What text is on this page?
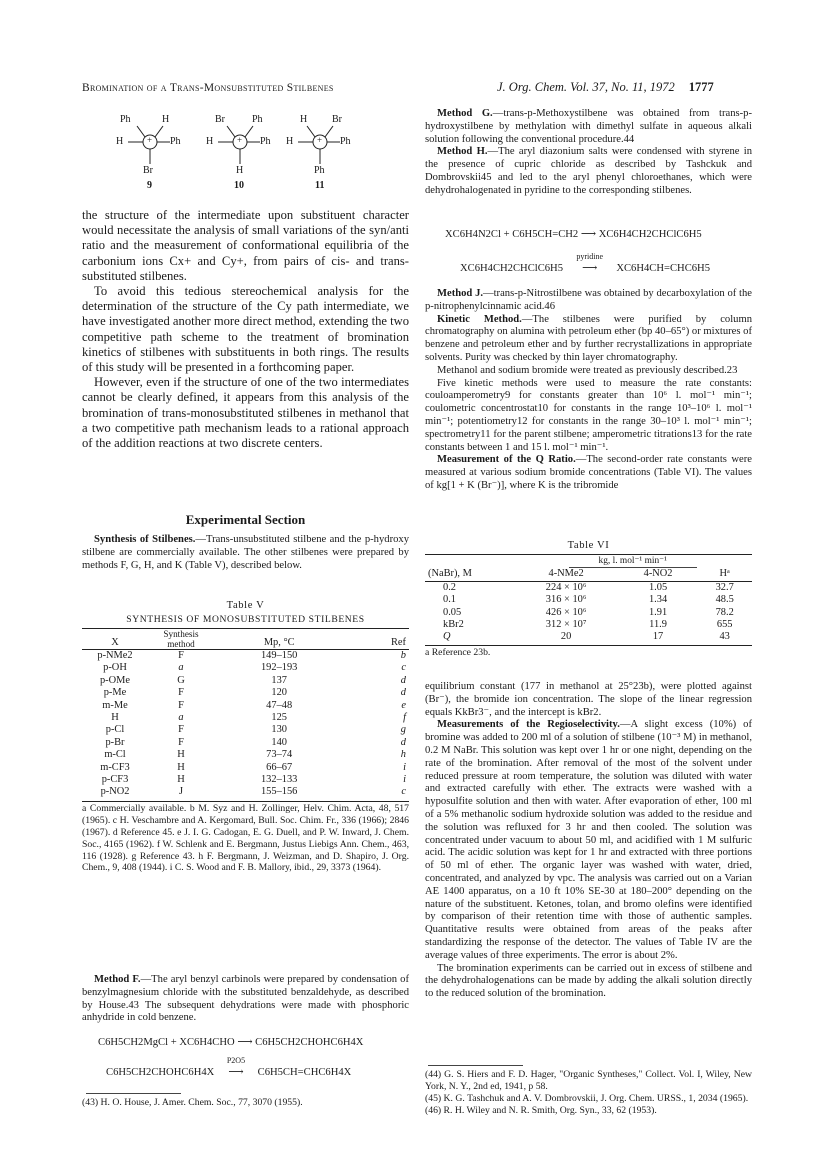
Bromination of a Trans-Monsubstituted Stilbenes	J. Org. Chem. Vol. 37, No. 11, 1972 1777
Ph	H
H	+ Ph
Br
9
Br	Ph
H	+ Ph
H
10
H Br
H	+ Ph
Ph
11

the structure of the intermediate upon substituent character would necessitate the analysis of small variations of the syn/anti ratio and the measurement of conformational equilibria of the carbonium ions Cx+ and Cy+, from pairs of cis- and trans-substituted stilbenes.

To avoid this tedious stereochemical analysis for the determination of the structure of the Cy path intermediate, we have investigated another more direct method, extending the two competitive path scheme to the treatment of bromination kinetics of stilbenes with substituents in both rings. The results of this study will be presented in a forthcoming paper.

However, even if the structure of one of the two intermediates cannot be clearly defined, it appears from this analysis of the bromination of trans-monosubstituted stilbenes in methanol that a two competitive path mechanism leads to a rational approach of the addition reactions at two discrete centers.

Experimental Section

Synthesis of Stilbenes.—Trans-unsubstituted stilbene and the p-hydroxy stilbene are commercially available. The other stilbenes were prepared by methods F, G, H, and K (Table V), described below.

Table V
SYNTHESIS OF MONOSUBSTITUTED STILBENES
X	Synthesis method	Mp, °C	Ref
p-NMe2	F	149–150	b
p-OH	a	192–193	c
p-OMe	G	137	d
p-Me	F	120	d
m-Me	F	47–48	e
H	a	125	f
p-Cl	F	130	g
p-Br	F	140	d
m-Cl	H	73–74	h
m-CF3	H	66–67	i
p-CF3	H	132–133	i
p-NO2	J	155–156	c
a Commercially available. b M. Syz and H. Zollinger, Helv. Chim. Acta, 48, 517 (1965). c H. Veschambre and A. Kergomard, Bull. Soc. Chim. Fr., 336 (1966); 2846 (1967). d Reference 45. e J. I. G. Cadogan, E. G. Duell, and P. W. Inward, J. Chem. Soc., 4165 (1962). f W. Schlenk and E. Bergmann, Justus Liebigs Ann. Chem., 463, 116 (1928). g Reference 43. h F. Bergmann, J. Weizman, and D. Shapiro, J. Org. Chem., 9, 408 (1944). i C. S. Wood and F. B. Mallory, ibid., 29, 3373 (1964).

Method F.—The aryl benzyl carbinols were prepared by condensation of benzylmagnesium chloride with the substituted benzaldehyde, as described by House.43 The subsequent dehydrations were made with phosphoric anhydride in cold benzene.

C6H5CH2MgCl + XC6H4CHO ⟶ C6H5CH2CHOHC6H4X
C6H5CH2CHOHC6H4X
P2O5
⟶ C6H5CH=CHC6H4X
(43) H. O. House, J. Amer. Chem. Soc., 77, 3070 (1955).

Method G.—trans-p-Methoxystilbene was obtained from trans-p-hydroxystilbene by methylation with dimethyl sulfate in aqueous alkali solution following the conventional procedure.44

Method H.—The aryl diazonium salts were condensed with styrene in the presence of cupric chloride as described by Tashckuk and Dombrovskii45 and led to the aryl phenyl chloroethanes, which were dehydrohalogenated in pyridine to the corresponding stilbenes.

XC6H4N2Cl + C6H5CH=CH2 ⟶ XC6H4CH2CHClC6H5
XC6H4CH2CHClC6H5
pyridine
⟶ XC6H4CH=CHC6H5

Method J.—trans-p-Nitrostilbene was obtained by decarboxylation of the p-nitrophenylcinnamic acid.46

Kinetic Method.—The stilbenes were purified by column chromatography on alumina with petroleum ether (bp 40–65°) or mixtures of benzene and petroleum ether and by further recrystallizations in appropriate solvents. Purity was checked by thin layer chromatography.

Methanol and sodium bromide were treated as previously described.23

Five kinetic methods were used to measure the rate constants: couloamperometry9 for constants greater than 10⁶ l. mol⁻¹ min⁻¹; coulometric concentrostat10 for constants in the range 10³–10⁶ l. mol⁻¹ min⁻¹; potentiometry12 for constants in the range 30–10³ l. mol⁻¹ min⁻¹; spectrometry11 for the parent stilbene; amperometric titrations13 for the rate constants between 1 and 15 l. mol⁻¹ min⁻¹.

Measurement of the Q Ratio.—The second-order rate constants were measured at various sodium bromide concentrations (Table VI). The values of kg[1 + K (Br⁻)], where K is the tribromide

Table VI
	kg, l. mol⁻¹ min⁻¹		
(NaBr), M	4-NMe2	4-NO2	Hᵃ
0.2	224 × 10⁶	1.05	32.7
0.1	316 × 10⁶	1.34	48.5
0.05	426 × 10⁶	1.91	78.2
kBr2	312 × 10⁷	11.9	655
Q	20	17	43
a Reference 23b.

equilibrium constant (177 in methanol at 25°23b), were plotted against (Br⁻), the bromide ion concentration. The slope of the linear regression equals KkBr3⁻, and the intercept is kBr2.

Measurements of the Regioselectivity.—A slight excess (10%) of bromine was added to 200 ml of a solution of stilbene (10⁻³ M) in methanol, 0.2 M NaBr. This solution was kept over 1 hr or one night, depending on the rate of the bromination. After removal of the most of the solvent under reduced pressure at room temperature, the solution was diluted with water and extracted carefully with ether. The extracts were washed with a hyposulfite solution and then with water. After evaporation of ether, 100 ml of a 5% methanolic sodium hydroxide solution was added to the residue and the solution was refluxed for 3 hr and then cooled. The solution was concentrated under vacuum to about 50 ml, and acidified with 1 M sulfuric acid. The acidic solution was kept for 1 hr and extracted with three portions of 50 ml of ether. The organic layer was washed with water, dried, concentrated, and analyzed by vpc. The analysis was carried out on a Varian AE 1400 apparatus, on a 10 ft 10% SE-30 at 180–200° depending on the nature of the substituent. Ketones, tolan, and bromo olefins were identified by comparison of their retention time with those of authentic samples. Quantitative results were obtained from areas of the peaks after standardizing the response of the detector. The values of Table IV are the average values of three experiments. The error is about 2%.

The bromination experiments can be carried out in excess of stilbene and the dehydrohalogenations can be made by adding the alkali solution directly to the reduced solution of the bromination.

(44) G. S. Hiers and F. D. Hager, "Organic Syntheses," Collect. Vol. I, Wiley, New York, N. Y., 2nd ed, 1941, p 58.
(45) K. G. Tashchuk and A. V. Dombrovskii, J. Org. Chem. URSS., 1, 2034 (1965).
(46) R. H. Wiley and N. R. Smith, Org. Syn., 33, 62 (1953).
